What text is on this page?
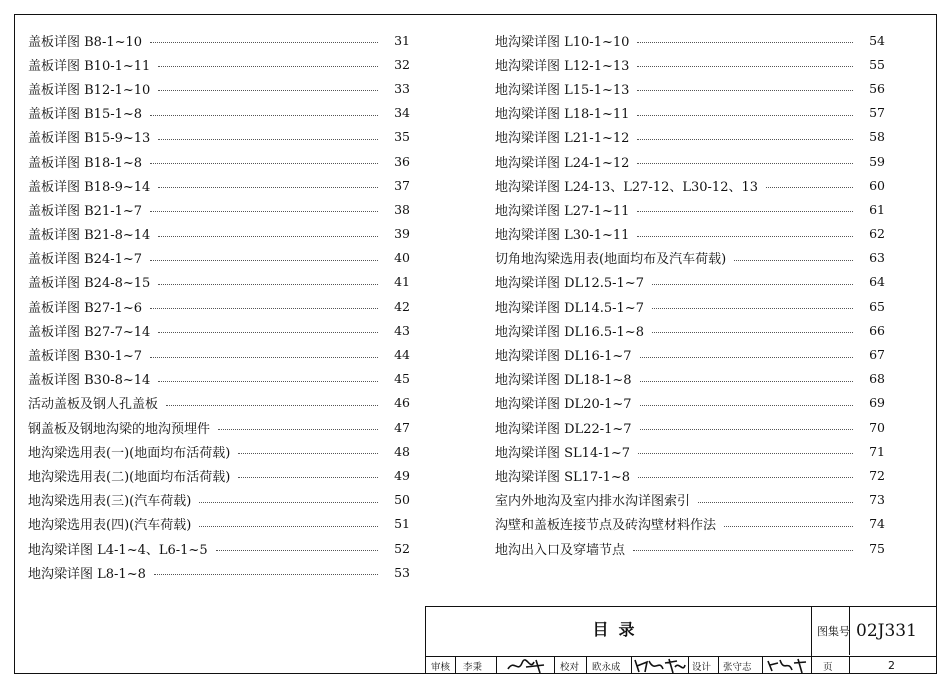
盖板详图 B8-1~10	31
盖板详图 B10-1~11	32
盖板详图 B12-1~10	33
盖板详图 B15-1~8	34
盖板详图 B15-9~13	35
盖板详图 B18-1~8	36
盖板详图 B18-9~14	37
盖板详图 B21-1~7	38
盖板详图 B21-8~14	39
盖板详图 B24-1~7	40
盖板详图 B24-8~15	41
盖板详图 B27-1~6	42
盖板详图 B27-7~14	43
盖板详图 B30-1~7	44
盖板详图 B30-8~14	45
活动盖板及钢人孔盖板	46
钢盖板及钢地沟梁的地沟预埋件	47
地沟梁选用表(一)(地面均布活荷载)	48
地沟梁选用表(二)(地面均布活荷载)	49
地沟梁选用表(三)(汽车荷载)	50
地沟梁选用表(四)(汽车荷载)	51
地沟梁详图 L4-1~4、L6-1~5	52
地沟梁详图 L8-1~8	53
地沟梁详图 L10-1~10	54
地沟梁详图 L12-1~13	55
地沟梁详图 L15-1~13	56
地沟梁详图 L18-1~11	57
地沟梁详图 L21-1~12	58
地沟梁详图 L24-1~12	59
地沟梁详图 L24-13、L27-12、L30-12、13	60
地沟梁详图 L27-1~11	61
地沟梁详图 L30-1~11	62
切角地沟梁选用表(地面均布及汽车荷载)	63
地沟梁详图 DL12.5-1~7	64
地沟梁详图 DL14.5-1~7	65
地沟梁详图 DL16.5-1~8	66
地沟梁详图 DL16-1~7	67
地沟梁详图 DL18-1~8	68
地沟梁详图 DL20-1~7	69
地沟梁详图 DL22-1~7	70
地沟梁详图 SL14-1~7	71
地沟梁详图 SL17-1~8	72
室内外地沟及室内排水沟详图索引	73
沟壁和盖板连接节点及砖沟壁材料作法	74
地沟出入口及穿墙节点	75
目录	图集号 02J331
审核 李秉	校对 欧永成	设计 张守志	页	2
